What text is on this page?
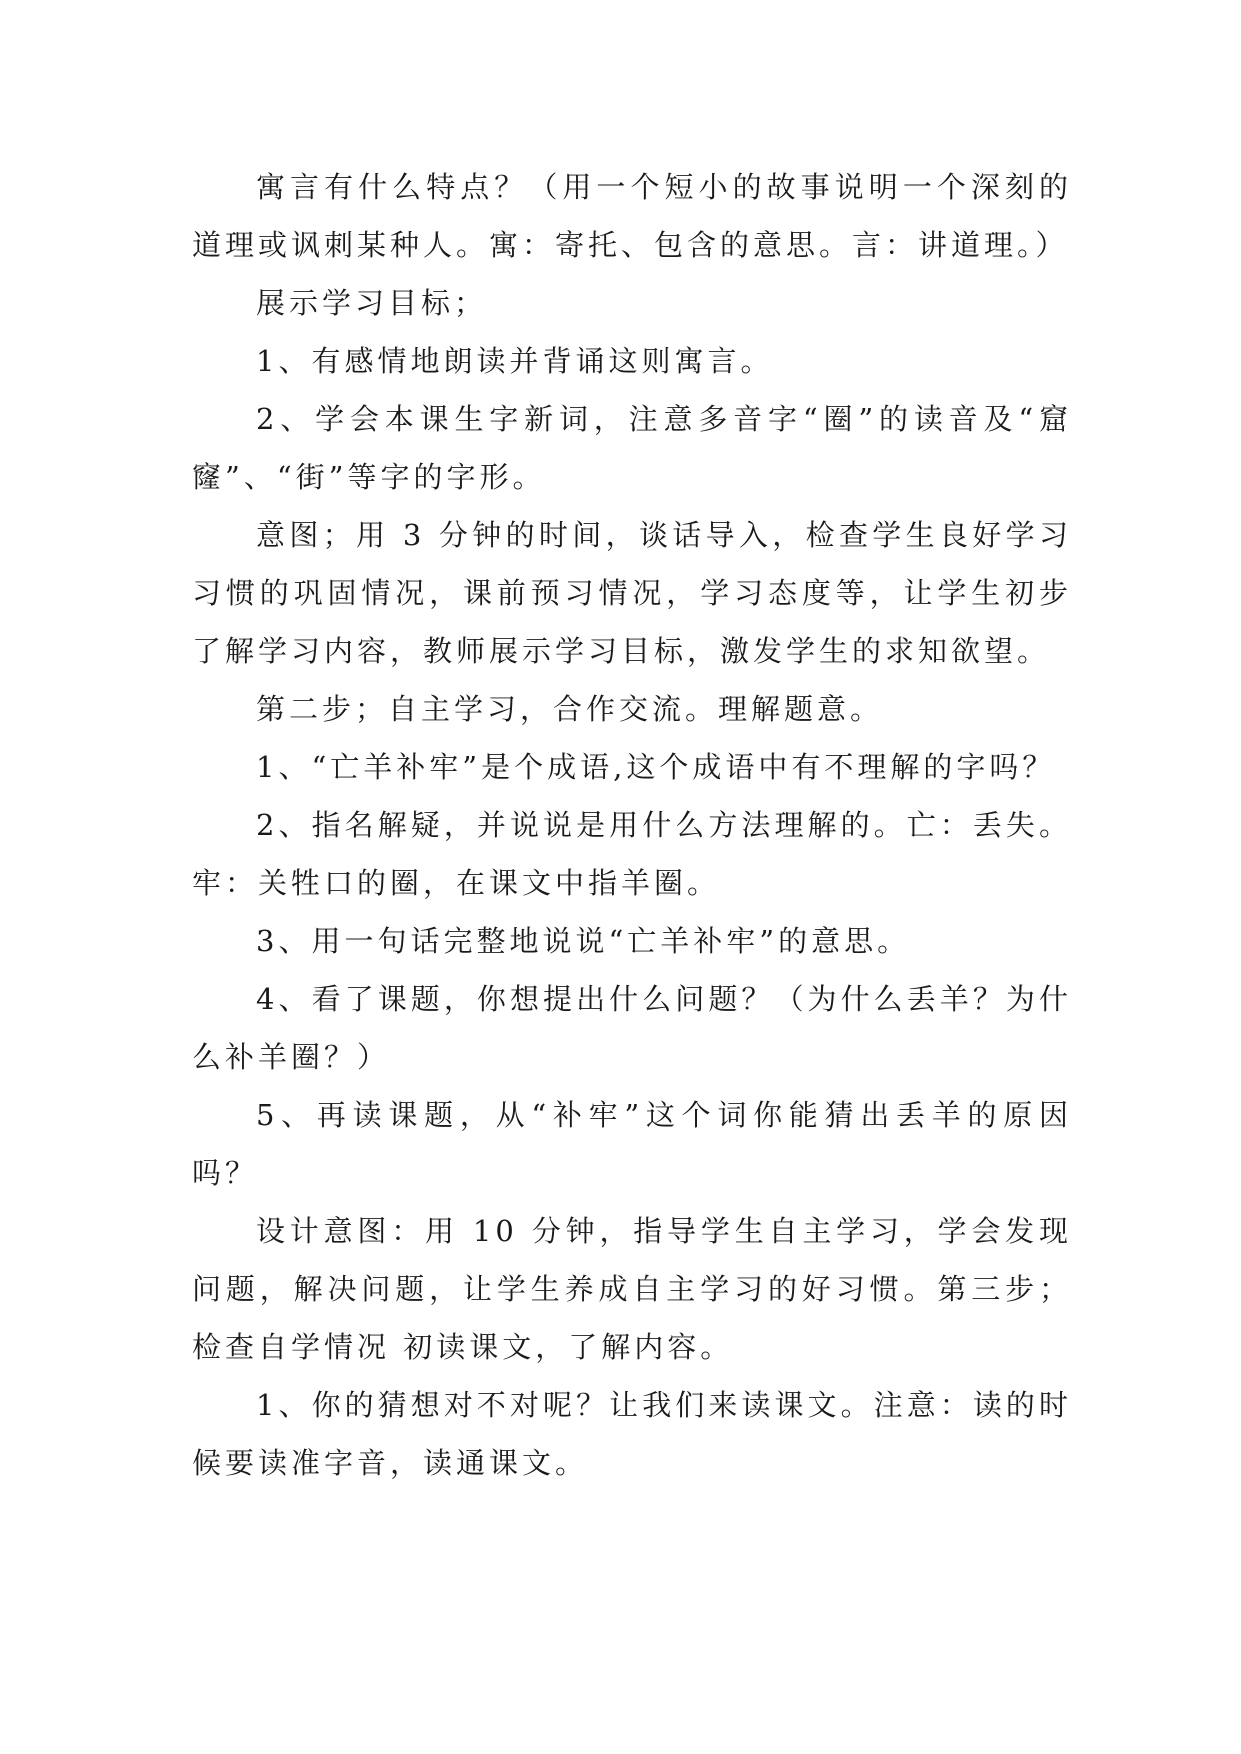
寓言有什么特点？（用一个短小的故事说明一个深刻的道理或讽刺某种人。寓：寄托、包含的意思。言：讲道理。）

展示学习目标；

1、有感情地朗读并背诵这则寓言。

2、学会本课生字新词，注意多音字“圈”的读音及“窟窿”、“街”等字的字形。

意图；用 3 分钟的时间，谈话导入，检查学生良好学习习惯的巩固情况，课前预习情况，学习态度等，让学生初步了解学习内容，教师展示学习目标，激发学生的求知欲望。

第二步；自主学习，合作交流。理解题意。

1、“亡羊补牢”是个成语,这个成语中有不理解的字吗？

2、指名解疑，并说说是用什么方法理解的。亡：丢失。牢：关牲口的圈，在课文中指羊圈。

3、用一句话完整地说说“亡羊补牢”的意思。

4、看了课题，你想提出什么问题？（为什么丢羊？为什么补羊圈？）

5、再读课题，从“补牢”这个词你能猜出丢羊的原因吗？

设计意图：用 10 分钟，指导学生自主学习，学会发现问题，解决问题，让学生养成自主学习的好习惯。第三步；检查自学情况 初读课文，了解内容。

1、你的猜想对不对呢？让我们来读课文。注意：读的时候要读准字音，读通课文。
